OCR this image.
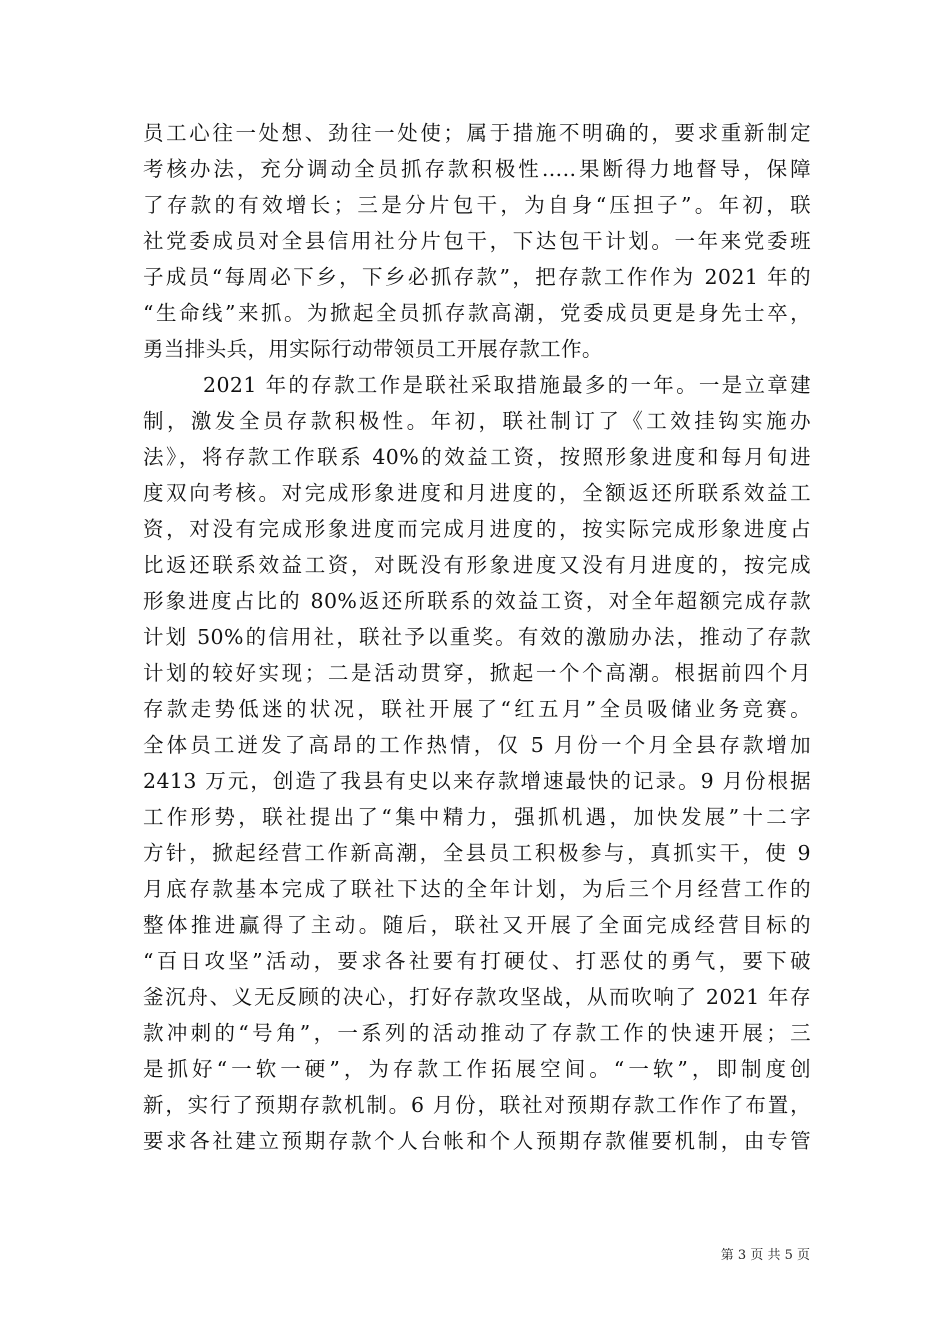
员工心往一处想、劲往一处使；属于措施不明确的，要求重新制定
考核办法，充分调动全员抓存款积极性…..果断得力地督导，保障
了存款的有效增长；三是分片包干，为自身“压担子”。年初，联
社党委成员对全县信用社分片包干，下达包干计划。一年来党委班
子成员“每周必下乡，下乡必抓存款”，把存款工作作为 2021 年的
“生命线”来抓。为掀起全员抓存款高潮，党委成员更是身先士卒，
勇当排头兵，用实际行动带领员工开展存款工作。
2021 年的存款工作是联社采取措施最多的一年。一是立章建
制，激发全员存款积极性。年初，联社制订了《工效挂钩实施办
法》，将存款工作联系 40%的效益工资，按照形象进度和每月旬进
度双向考核。对完成形象进度和月进度的，全额返还所联系效益工
资，对没有完成形象进度而完成月进度的，按实际完成形象进度占
比返还联系效益工资，对既没有形象进度又没有月进度的，按完成
形象进度占比的 80%返还所联系的效益工资，对全年超额完成存款
计划 50%的信用社，联社予以重奖。有效的激励办法，推动了存款
计划的较好实现；二是活动贯穿，掀起一个个高潮。根据前四个月
存款走势低迷的状况，联社开展了“红五月”全员吸储业务竞赛。
全体员工迸发了高昂的工作热情，仅 5 月份一个月全县存款增加
2413 万元，创造了我县有史以来存款增速最快的记录。9 月份根据
工作形势，联社提出了“集中精力，强抓机遇，加快发展”十二字
方针，掀起经营工作新高潮，全县员工积极参与，真抓实干，使 9
月底存款基本完成了联社下达的全年计划，为后三个月经营工作的
整体推进赢得了主动。随后，联社又开展了全面完成经营目标的
“百日攻坚”活动，要求各社要有打硬仗、打恶仗的勇气，要下破
釜沉舟、义无反顾的决心，打好存款攻坚战，从而吹响了 2021 年存
款冲刺的“号角”，一系列的活动推动了存款工作的快速开展；三
是抓好“一软一硬”，为存款工作拓展空间。“一软”，即制度创
新，实行了预期存款机制。6 月份，联社对预期存款工作作了布置，
要求各社建立预期存款个人台帐和个人预期存款催要机制，由专管
第 3 页 共 5 页
